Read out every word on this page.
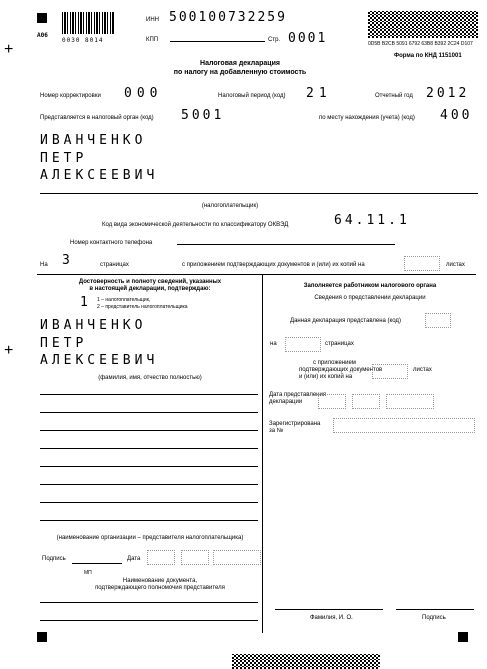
+
+
A06
0030 8014
ИНН 500100732259
КПП	Стр. 0001	0D5B B2CB 5091 6792 63B8 B392 2C24 D107
Форма по КНД 1151001
Налоговая декларация
по налогу на добавленную стоимость
Номер корректировки 000	Налоговый период (код) 21	Отчетный год 2012
Представляется в налоговый орган (код) 5001	по месту нахождения (учета) (код) 400
ИВАНЧЕНКО
ПЕТР
АЛЕКСЕЕВИЧ
(налогоплательщик)
Код вида экономической деятельности по классификатору ОКВЭД	64.11.1
Номер контактного телефона
На 3	страницах	с приложением подтверждающих документов и (или) их копий на	листах
Достоверность и полноту сведений, указанных
в настоящей декларации, подтверждаю:
1 1 – налогоплательщик,
2 – представитель налогоплательщика
ИВАНЧЕНКО
ПЕТР
АЛЕКСЕЕВИЧ
(фамилия, имя, отчество полностью)
(наименование организации – представителя налогоплательщика)
Подпись	Дата
МП
Наименование документа,
подтверждающего полномочия представителя
Заполняется работником налогового органа
Сведения о представлении декларации
Данная декларация представлена (код)
на	страницах
с приложением
подтверждающих документов
и (или) их копий на
листах
Дата представления
декларации
Зарегистрирована
за №
Фамилия, И. О.	Подпись
